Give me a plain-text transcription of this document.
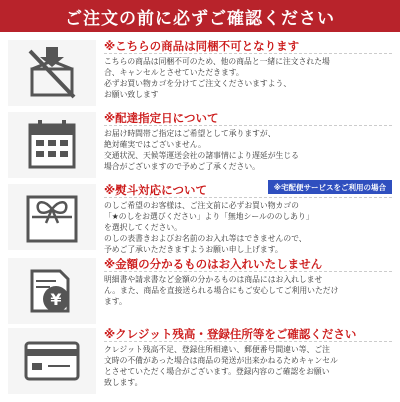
ご注文の前に必ずご確認ください
※こちらの商品は同梱不可となります

こちらの商品は同梱不可のため、他の商品と一緒に注文された場

合、キャンセルとさせていただきます。

必ずお買い物カゴを分けてご注文くださいますよう、

お願い致します

※配達指定日について

お届け時間帯ご指定はご希望として承りますが、

絶対確実ではございません。

交通状況、天候等運送会社の諸事情により遅延が生じる

場合がございますので予めご了承ください。

※熨斗対応について	※宅配便サービスをご利用の場合

のしご希望のお客様は、ご注文前に必ずお買い物カゴの

「★のしをお選びください」より「無地シールののしあり」

を選択してください。

のしの表書きおよびお名前のお入れ等はできませんので、

予めご了承いただきますようお願い申し上げます。

¥
※金額の分かるものはお入れいたしません

明細書や請求書など金額の分かるものは商品にはお入れしませ

ん。また、商品を直接送られる場合にもご安心してご利用いただけ

ます。

※クレジット残高・登録住所等をご確認ください

クレジット残高不足、登録住所相違い、郵便番号間違い等、ご注

文時の不備があった場合は商品の発送が出来かねるためキャンセル

とさせていただく場合がございます。登録内容のご確認をお願い

致します。
